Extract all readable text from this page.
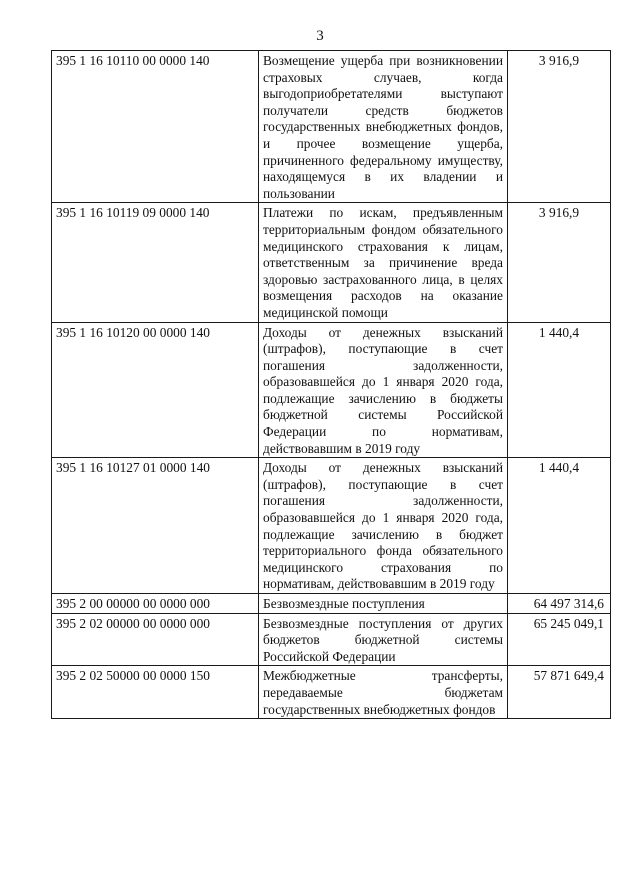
3
395 1 16 10110 00 0000 140	Возмещение ущерба при возникновении страховых случаев, когда выгодоприобретателями выступают получатели средств бюджетов государственных внебюджетных фондов, и прочее возмещение ущерба, причиненного федеральному имуществу, находящемуся в их владении и пользовании	3 916,9
395 1 16 10119 09 0000 140	Платежи по искам, предъявленным территориальным фондом обязательного медицинского страхования к лицам, ответственным за причинение вреда здоровью застрахованного лица, в целях возмещения расходов на оказание медицинской помощи	3 916,9
395 1 16 10120 00 0000 140	Доходы от денежных взысканий (штрафов), поступающие в счет погашения задолженности, образовавшейся до 1 января 2020 года, подлежащие зачислению в бюджеты бюджетной системы Российской Федерации по нормативам, действовавшим в 2019 году	1 440,4
395 1 16 10127 01 0000 140	Доходы от денежных взысканий (штрафов), поступающие в счет погашения задолженности, образовавшейся до 1 января 2020 года, подлежащие зачислению в бюджет территориального фонда обязательного медицинского страхования по нормативам, действовавшим в 2019 году	1 440,4
395 2 00 00000 00 0000 000	Безвозмездные поступления	64 497 314,6
395 2 02 00000 00 0000 000	Безвозмездные поступления от других бюджетов бюджетной системы Российской Федерации	65 245 049,1
395 2 02 50000 00 0000 150	Межбюджетные трансферты, передаваемые бюджетам государственных внебюджетных фондов	57 871 649,4
